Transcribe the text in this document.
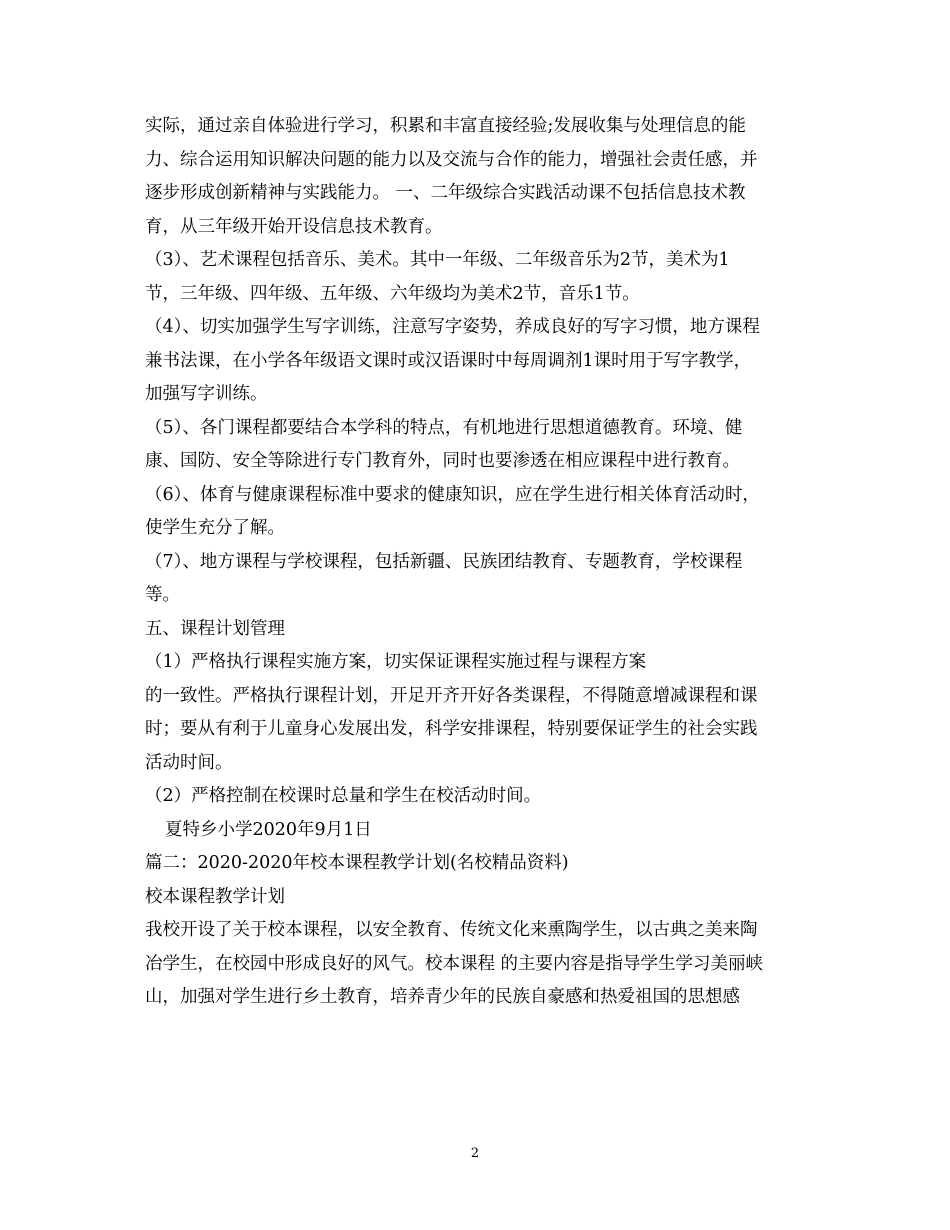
实际，通过亲自体验进行学习，积累和丰富直接经验;发展收集与处理信息的能

力、综合运用知识解决问题的能力以及交流与合作的能力，增强社会责任感，并

逐步形成创新精神与实践能力。 一、二年级综合实践活动课不包括信息技术教

育，从三年级开始开设信息技术教育。

（3）、艺术课程包括音乐、美术。其中一年级、二年级音乐为2节，美术为1

节，三年级、四年级、五年级、六年级均为美术2节，音乐1节。

（4）、切实加强学生写字训练，注意写字姿势，养成良好的写字习惯，地方课程

兼书法课，在小学各年级语文课时或汉语课时中每周调剂1课时用于写字教学，

加强写字训练。

（5）、各门课程都要结合本学科的特点，有机地进行思想道德教育。环境、健

康、国防、安全等除进行专门教育外，同时也要渗透在相应课程中进行教育。

（6）、体育与健康课程标准中要求的健康知识，应在学生进行相关体育活动时，

使学生充分了解。

（7）、地方课程与学校课程，包括新疆、民族团结教育、专题教育，学校课程

等。

五、课程计划管理

（1）严格执行课程实施方案，切实保证课程实施过程与课程方案

的一致性。严格执行课程计划，开足开齐开好各类课程，不得随意增减课程和课

时；要从有利于儿童身心发展出发，科学安排课程，特别要保证学生的社会实践

活动时间。

（2）严格控制在校课时总量和学生在校活动时间。

夏特乡小学2020年9月1日

篇二：2020-2020年校本课程教学计划(名校精品资料)

校本课程教学计划

我校开设了关于校本课程，以安全教育、传统文化来熏陶学生，以古典之美来陶

冶学生，在校园中形成良好的风气。校本课程 的主要内容是指导学生学习美丽峡

山，加强对学生进行乡土教育，培养青少年的民族自豪感和热爱祖国的思想感

2
